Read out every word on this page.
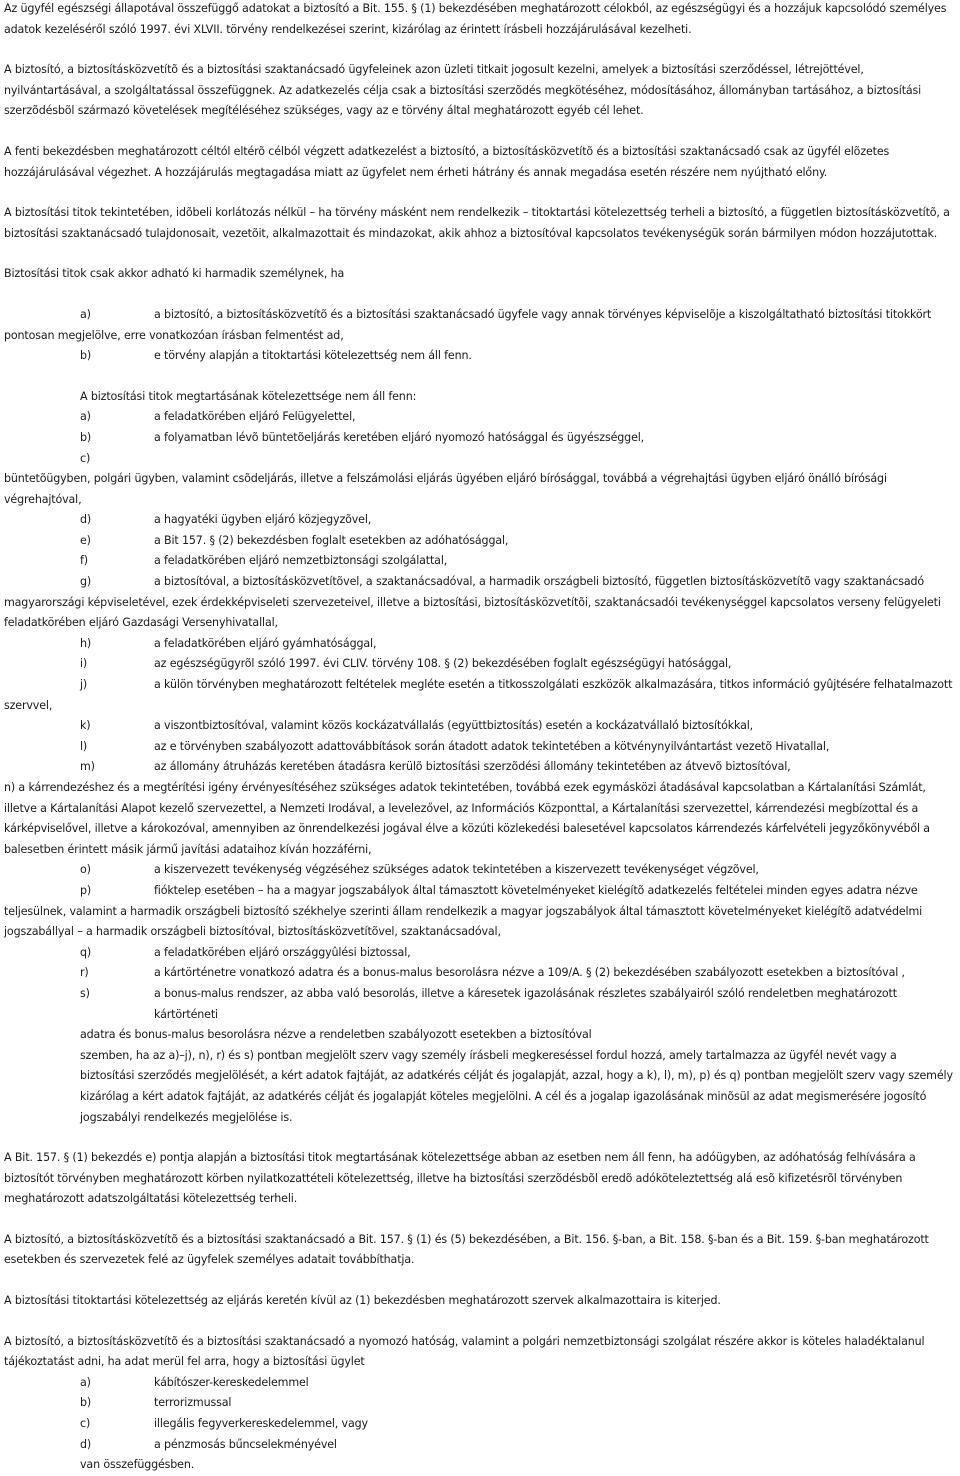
Az ügyfél egészségi állapotával összefüggő adatokat a biztosító a Bit. 155. § (1) bekezdésében meghatározott célokból, az egészségügyi és a hozzájuk kapcsolódó személyes adatok kezeléséről szóló 1997. évi XLVII. törvény rendelkezései szerint, kizárólag az érintett írásbeli hozzájárulásával kezelheti.

A biztosító, a biztosításközvetítõ és a biztosítási szaktanácsadó ügyfeleinek azon üzleti titkait jogosult kezelni, amelyek a biztosítási szerződéssel, létrejöttével, nyilvántartásával, a szolgáltatással összefüggnek. Az adatkezelés célja csak a biztosítási szerzõdés megkötéséhez, módosításához, állományban tartásához, a biztosítási szerzõdésbõl származó követelések megítéléséhez szükséges, vagy az e törvény által meghatározott egyéb cél lehet.

A fenti bekezdésben meghatározott céltól eltérõ célból végzett adatkezelést a biztosító, a biztosításközvetítõ és a biztosítási szaktanácsadó csak az ügyfél elõzetes hozzájárulásával végezhet. A hozzájárulás megtagadása miatt az ügyfelet nem érheti hátrány és annak megadása esetén részére nem nyújtható előny.

A biztosítási titok tekintetében, idõbeli korlátozás nélkül – ha törvény másként nem rendelkezik – titoktartási kötelezettség terheli a biztosító, a független biztosításközvetítõ, a biztosítási szaktanácsadó tulajdonosait, vezetõit, alkalmazottait és mindazokat, akik ahhoz a biztosítóval kapcsolatos tevékenységük során bármilyen módon hozzájutottak.

Biztosítási titok csak akkor adható ki harmadik személynek, ha

a)	a biztosító, a biztosításközvetítõ és a biztosítási szaktanácsadó ügyfele vagy annak törvényes képviselõje a kiszolgáltatható biztosítási titokkört pontosan megjelölve, erre vonatkozóan írásban felmentést ad,

b)	e törvény alapján a titoktartási kötelezettség nem áll fenn.

A biztosítási titok megtartásának kötelezettsége nem áll fenn:

a)	a feladatkörében eljáró Felügyelettel,
b)	a folyamatban lévõ büntetõeljárás keretében eljáró nyomozó hatósággal és ügyészséggel,
c)

büntetõügyben, polgári ügyben, valamint csõdeljárás, illetve a felszámolási eljárás ügyében eljáró bírósággal, továbbá a végrehajtási ügyben eljáró önálló bírósági végrehajtóval,

d)	a hagyatéki ügyben eljáró közjegyzõvel,
e)	a Bit 157. § (2) bekezdésben foglalt esetekben az adóhatósággal,
f)	a feladatkörében eljáró nemzetbiztonsági szolgálattal,
g)	a biztosítóval, a biztosításközvetítõvel, a szaktanácsadóval, a harmadik országbeli biztosító, független biztosításközvetítõ vagy szaktanácsadó

magyarországi képviseletével, ezek érdekképviseleti szervezeteivel, illetve a biztosítási, biztosításközvetítõi, szaktanácsadói tevékenységgel kapcsolatos verseny felügyeleti feladatkörében eljáró Gazdasági Versenyhivatallal,

h)	a feladatkörében eljáró gyámhatósággal,
i)	az egészségügyrõl szóló 1997. évi CLIV. törvény 108. § (2) bekezdésében foglalt egészségügyi hatósággal,
j)	a külön törvényben meghatározott feltételek megléte esetén a titkosszolgálati eszközök alkalmazására, titkos információ gyûjtésére felhatalmazott

szervvel,

k)	a viszontbiztosítóval, valamint közös kockázatvállalás (együttbiztosítás) esetén a kockázatvállaló biztosítókkal,
l)	az e törvényben szabályozott adattovábbítások során átadott adatok tekintetében a kötvénynyilvántartást vezetõ Hivatallal,
m)	az állomány átruházás keretében átadásra kerülõ biztosítási szerzõdési állomány tekintetében az átvevõ biztosítóval,

n) a kárrendezéshez és a megtérítési igény érvényesítéséhez szükséges adatok tekintetében, továbbá ezek egymásközi átadásával kapcsolatban a Kártalanítási Számlát, illetve a Kártalanítási Alapot kezelő szervezettel, a Nemzeti Irodával, a levelezővel, az Információs Központtal, a Kártalanítási szervezettel, kárrendezési megbízottal és a kárképviselővel, illetve a károkozóval, amennyiben az önrendelkezési jogával élve a közúti közlekedési balesetével kapcsolatos kárrendezés kárfelvételi jegyzőkönyvéből a balesetben érintett másik jármű javítási adataihoz kíván hozzáférni,

o)	a kiszervezett tevékenység végzéséhez szükséges adatok tekintetében a kiszervezett tevékenységet végzõvel,
p)	fióktelep esetében – ha a magyar jogszabályok által támasztott követelményeket kielégítõ adatkezelés feltételei minden egyes adatra nézve

teljesülnek, valamint a harmadik országbeli biztosító székhelye szerinti állam rendelkezik a magyar jogszabályok által támasztott követelményeket kielégítõ adatvédelmi jogszabállyal – a harmadik országbeli biztosítóval, biztosításközvetítõvel, szaktanácsadóval,

q)	a feladatkörében eljáró országgyûlési biztossal,
r)	a kártörténetre vonatkozó adatra és a bonus-malus besorolásra nézve a 109/A. § (2) bekezdésében szabályozott esetekben a biztosítóval ,
s)	a bonus-malus rendszer, az abba való besorolás, illetve a káresetek igazolásának részletes szabályairól szóló rendeletben meghatározott kártörténeti

adatra és bonus-malus besorolásra nézve a rendeletben szabályozott esetekben a biztosítóval

szemben, ha az a)–j), n), r) és s) pontban megjelölt szerv vagy személy írásbeli megkereséssel fordul hozzá, amely tartalmazza az ügyfél nevét vagy a biztosítási szerződés megjelölését, a kért adatok fajtáját, az adatkérés célját és jogalapját, azzal, hogy a k), l), m), p) és q) pontban megjelölt szerv vagy személy kizárólag a kért adatok fajtáját, az adatkérés célját és jogalapját köteles megjelölni. A cél és a jogalap igazolásának minõsül az adat megismerésére jogosító jogszabályi rendelkezés megjelölése is.

A Bit. 157. § (1) bekezdés e) pontja alapján a biztosítási titok megtartásának kötelezettsége abban az esetben nem áll fenn, ha adóügyben, az adóhatóság felhívására a biztosítót törvényben meghatározott körben nyilatkozattételi kötelezettség, illetve ha biztosítási szerzõdésbõl eredõ adóköteleztettség alá esõ kifizetésrõl törvényben meghatározott adatszolgáltatási kötelezettség terheli.

A biztosító, a biztosításközvetítõ és a biztosítási szaktanácsadó a Bit. 157. § (1) és (5) bekezdésében, a Bit. 156. §-ban, a Bit. 158. §-ban és a Bit. 159. §-ban meghatározott esetekben és szervezetek felé az ügyfelek személyes adatait továbbíthatja.

A biztosítási titoktartási kötelezettség az eljárás keretén kívül az (1) bekezdésben meghatározott szervek alkalmazottaira is kiterjed.

A biztosító, a biztosításközvetítõ és a biztosítási szaktanácsadó a nyomozó hatóság, valamint a polgári nemzetbiztonsági szolgálat részére akkor is köteles haladéktalanul tájékoztatást adni, ha adat merül fel arra, hogy a biztosítási ügylet

a)	kábítószer-kereskedelemmel
b)	terrorizmussal
c)	illegális fegyverkereskedelemmel, vagy
d)	a pénzmosás bűncselekményével

van összefüggésben.
